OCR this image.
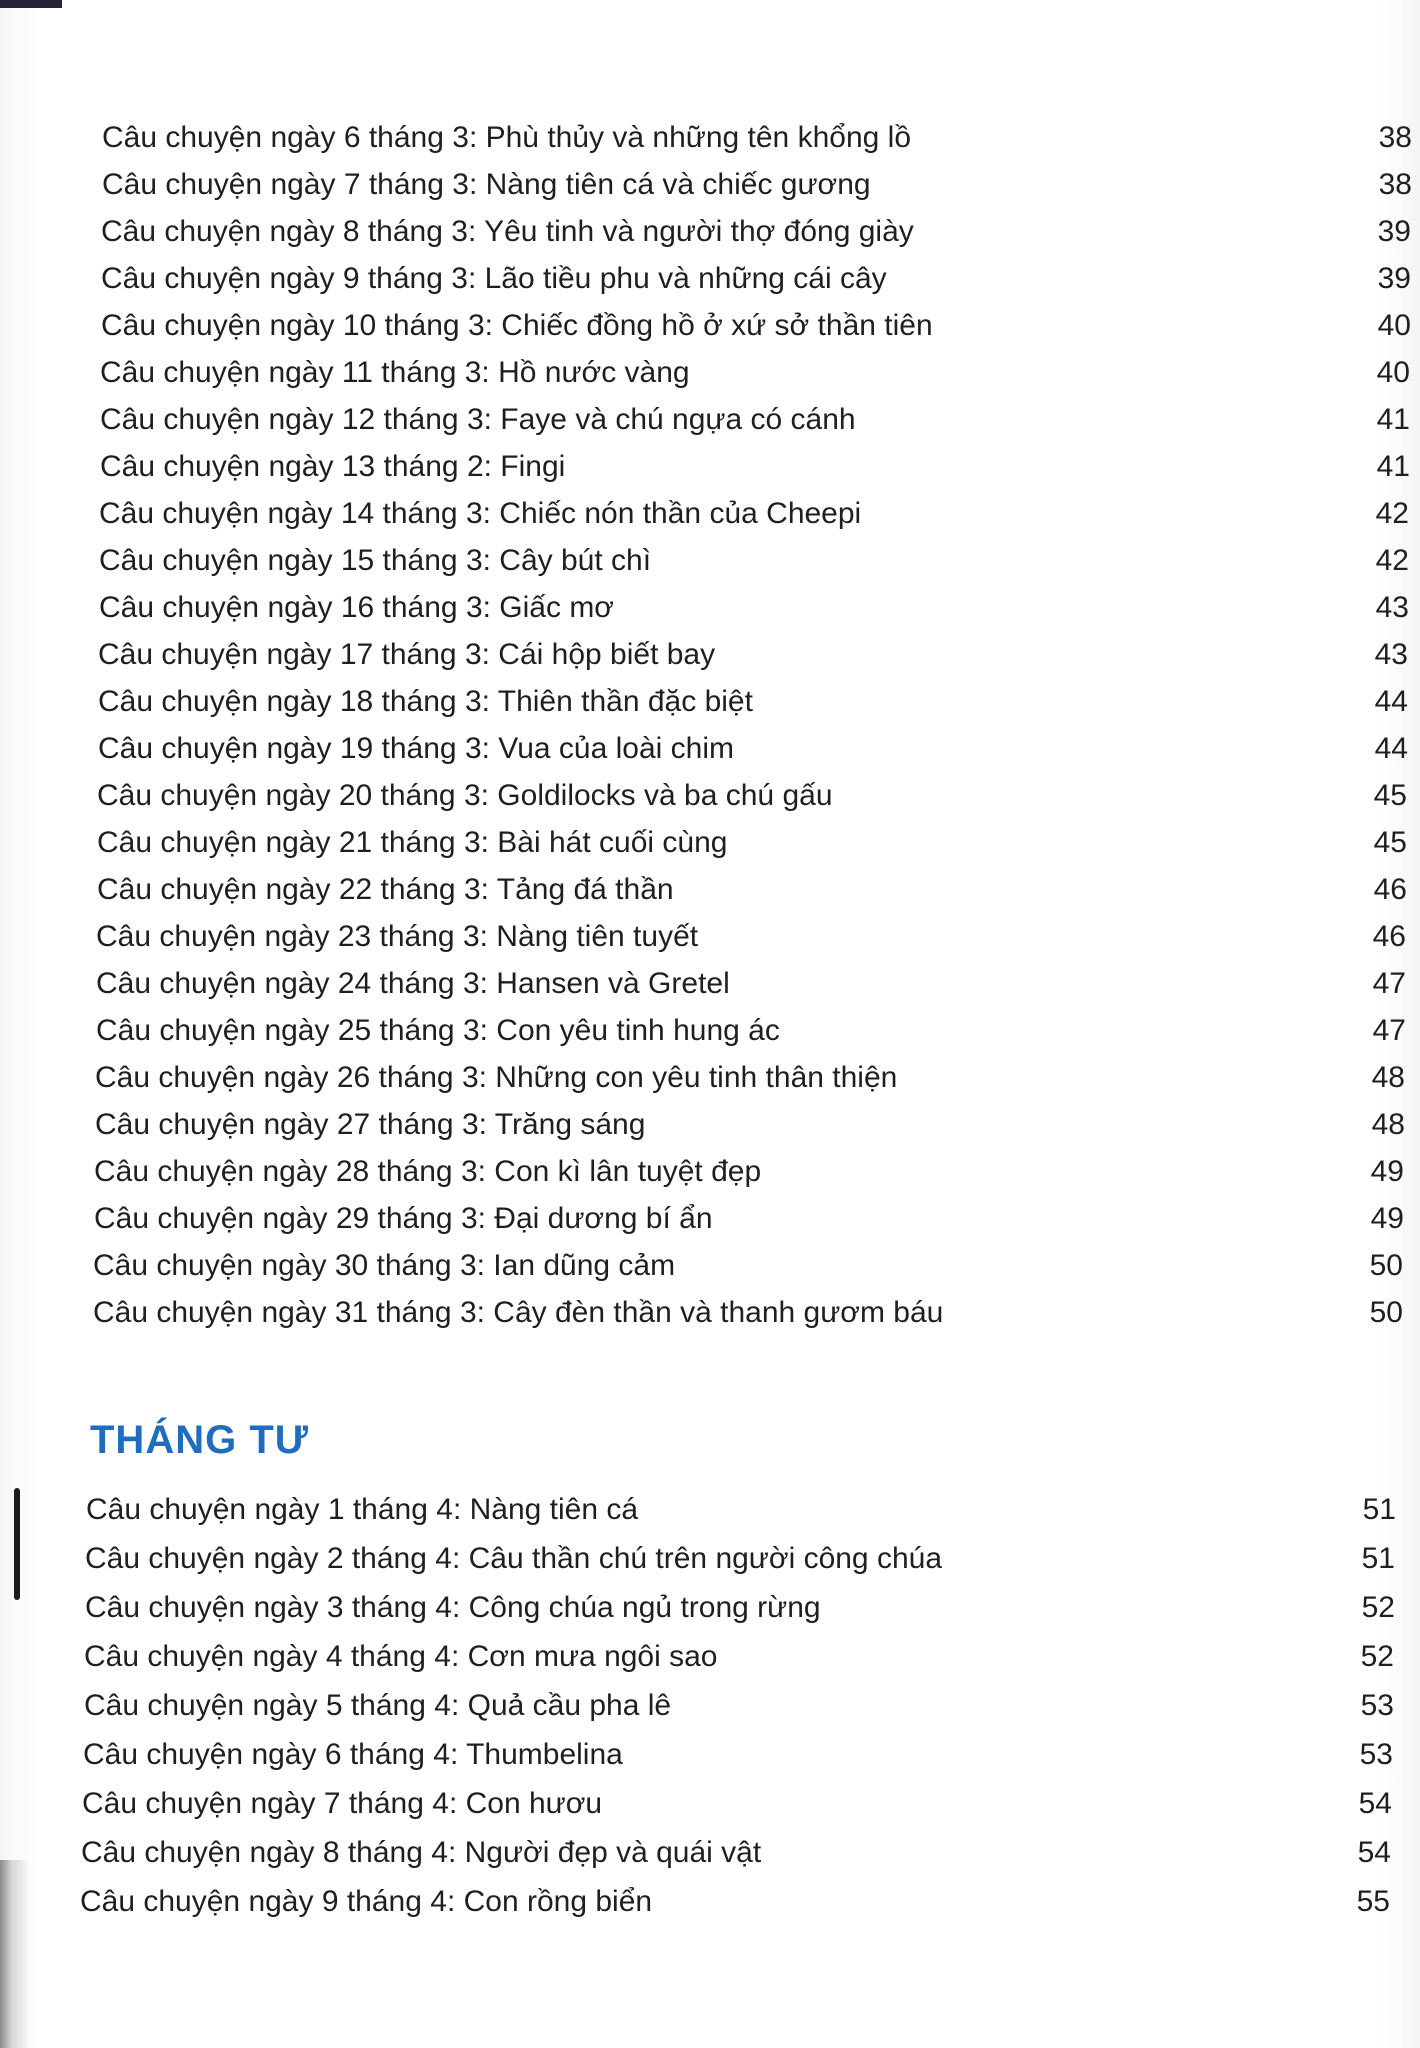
Câu chuyện ngày 6 tháng 3: Phù thủy và những tên khổng lồ	38
Câu chuyện ngày 7 tháng 3: Nàng tiên cá và chiếc gương	38
Câu chuyện ngày 8 tháng 3: Yêu tinh và người thợ đóng giày	39
Câu chuyện ngày 9 tháng 3: Lão tiều phu và những cái cây	39
Câu chuyện ngày 10 tháng 3: Chiếc đồng hồ ở xứ sở thần tiên	40
Câu chuyện ngày 11 tháng 3: Hồ nước vàng	40
Câu chuyện ngày 12 tháng 3: Faye và chú ngựa có cánh	41
Câu chuyện ngày 13 tháng 2: Fingi	41
Câu chuyện ngày 14 tháng 3: Chiếc nón thần của Cheepi	42
Câu chuyện ngày 15 tháng 3: Cây bút chì	42
Câu chuyện ngày 16 tháng 3: Giấc mơ	43
Câu chuyện ngày 17 tháng 3: Cái hộp biết bay	43
Câu chuyện ngày 18 tháng 3: Thiên thần đặc biệt	44
Câu chuyện ngày 19 tháng 3: Vua của loài chim	44
Câu chuyện ngày 20 tháng 3: Goldilocks và ba chú gấu	45
Câu chuyện ngày 21 tháng 3: Bài hát cuối cùng	45
Câu chuyện ngày 22 tháng 3: Tảng đá thần	46
Câu chuyện ngày 23 tháng 3: Nàng tiên tuyết	46
Câu chuyện ngày 24 tháng 3: Hansen và Gretel	47
Câu chuyện ngày 25 tháng 3: Con yêu tinh hung ác	47
Câu chuyện ngày 26 tháng 3: Những con yêu tinh thân thiện	48
Câu chuyện ngày 27 tháng 3: Trăng sáng	48
Câu chuyện ngày 28 tháng 3: Con kì lân tuyệt đẹp	49
Câu chuyện ngày 29 tháng 3: Đại dương bí ẩn	49
Câu chuyện ngày 30 tháng 3: Ian dũng cảm	50
Câu chuyện ngày 31 tháng 3: Cây đèn thần và thanh gươm báu	50
THÁNG TƯ
Câu chuyện ngày 1 tháng 4: Nàng tiên cá	51
Câu chuyện ngày 2 tháng 4: Câu thần chú trên người công chúa	51
Câu chuyện ngày 3 tháng 4: Công chúa ngủ trong rừng	52
Câu chuyện ngày 4 tháng 4: Cơn mưa ngôi sao	52
Câu chuyện ngày 5 tháng 4: Quả cầu pha lê	53
Câu chuyện ngày 6 tháng 4: Thumbelina	53
Câu chuyện ngày 7 tháng 4: Con hươu	54
Câu chuyện ngày 8 tháng 4: Người đẹp và quái vật	54
Câu chuyện ngày 9 tháng 4: Con rồng biển	55
